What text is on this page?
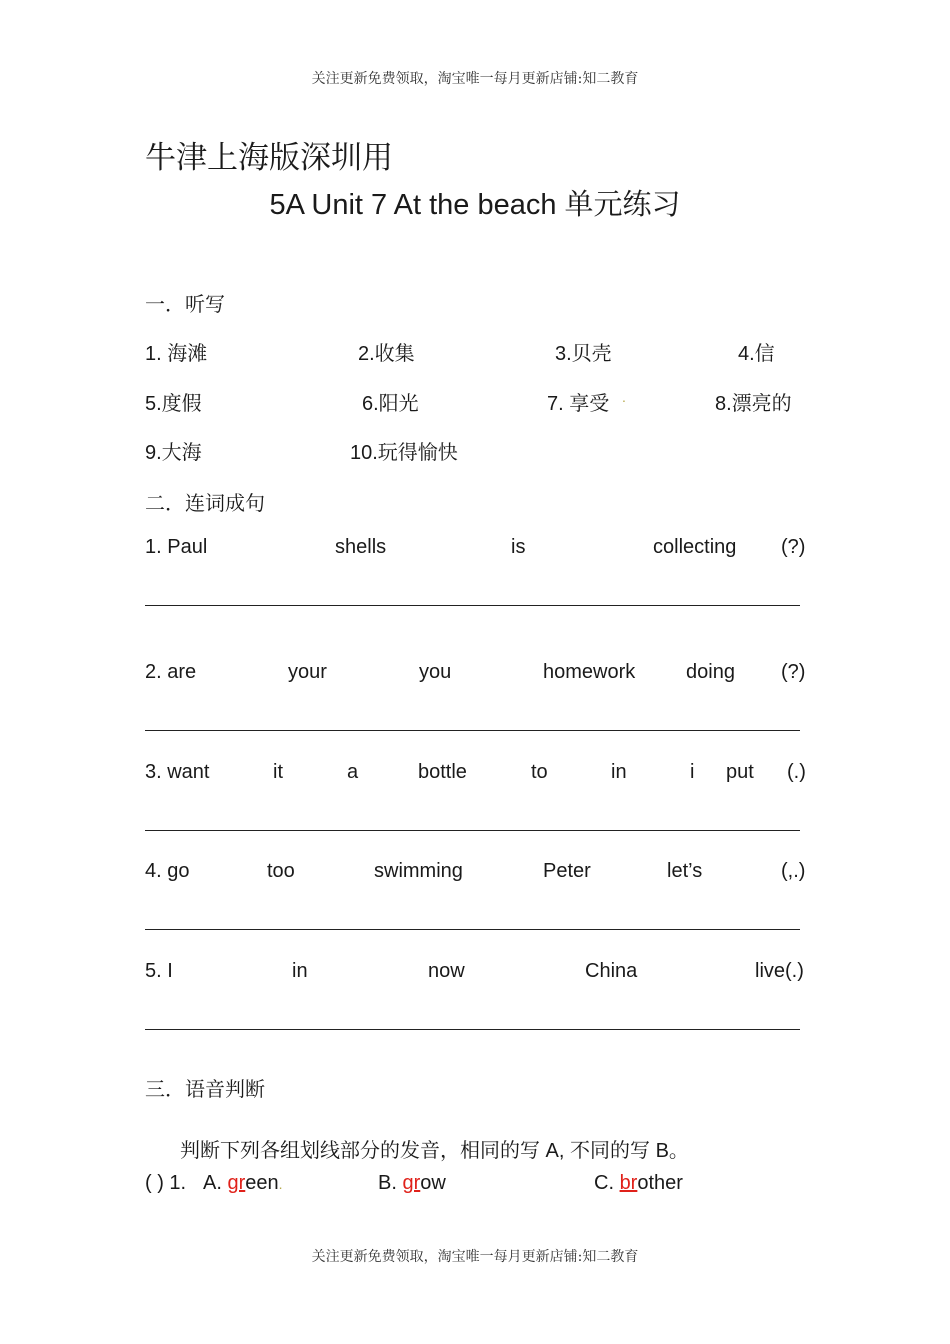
关注更新免费领取，淘宝唯一每月更新店铺:知二教育
牛津上海版深圳用
5A Unit 7 At the beach 单元练习
一．听写
1. 海滩	2.收集	3.贝壳	4.信
5.度假	6.阳光	7. 享受 .	8.漂亮的
9.大海	10.玩得愉快
二．连词成句
1. Paul	shells	is	collecting (?)
2. are	your	you	homework	doing (?)
3. want	it	a	bottle	to	in	i put (.)
4. go	too	swimming	Peter	let’s	(,.)
5. I	in	now	China	live(.)
三．语音判断
判断下列各组划线部分的发音，相同的写 A, 不同的写 B。
( ) 1. A. green.	B. grow	C. brother
关注更新免费领取，淘宝唯一每月更新店铺:知二教育
